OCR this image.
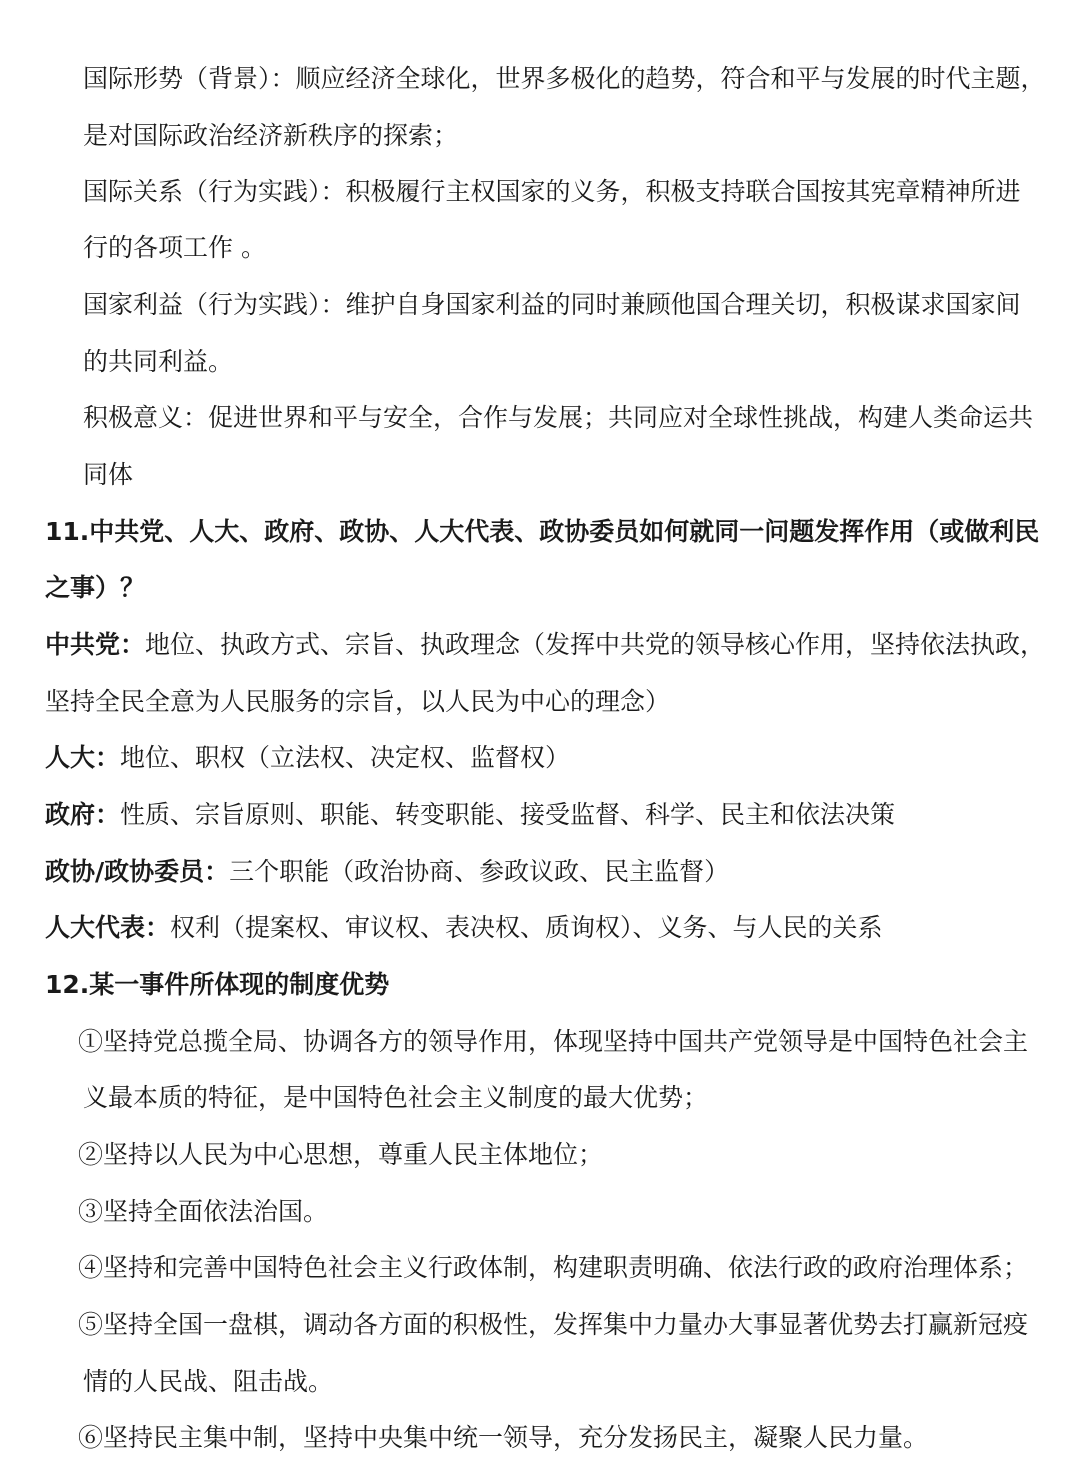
国际形势（背景）：顺应经济全球化，世界多极化的趋势，符合和平与发展的时代主题，
是对国际政治经济新秩序的探索；
国际关系（行为实践）：积极履行主权国家的义务，积极支持联合国按其宪章精神所进
行的各项工作 。
国家利益（行为实践）：维护自身国家利益的同时兼顾他国合理关切，积极谋求国家间
的共同利益。
积极意义：促进世界和平与安全，合作与发展；共同应对全球性挑战，构建人类命运共
同体
11.中共党、人大、政府、政协、人大代表、政协委员如何就同一问题发挥作用（或做利民
之事）？
中共党：地位、执政方式、宗旨、执政理念（发挥中共党的领导核心作用，坚持依法执政，
坚持全民全意为人民服务的宗旨，以人民为中心的理念）
人大：地位、职权（立法权、决定权、监督权）
政府：性质、宗旨原则、职能、转变职能、接受监督、科学、民主和依法决策
政协/政协委员：三个职能（政治协商、参政议政、民主监督）
人大代表：权利（提案权、审议权、表决权、质询权）、义务、与人民的关系
12.某一事件所体现的制度优势
①坚持党总揽全局、协调各方的领导作用，体现坚持中国共产党领导是中国特色社会主
义最本质的特征，是中国特色社会主义制度的最大优势；
②坚持以人民为中心思想，尊重人民主体地位；
③坚持全面依法治国。
④坚持和完善中国特色社会主义行政体制，构建职责明确、依法行政的政府治理体系；
⑤坚持全国一盘棋，调动各方面的积极性，发挥集中力量办大事显著优势去打赢新冠疫
情的人民战、阻击战。
⑥坚持民主集中制，坚持中央集中统一领导，充分发扬民主，凝聚人民力量。
